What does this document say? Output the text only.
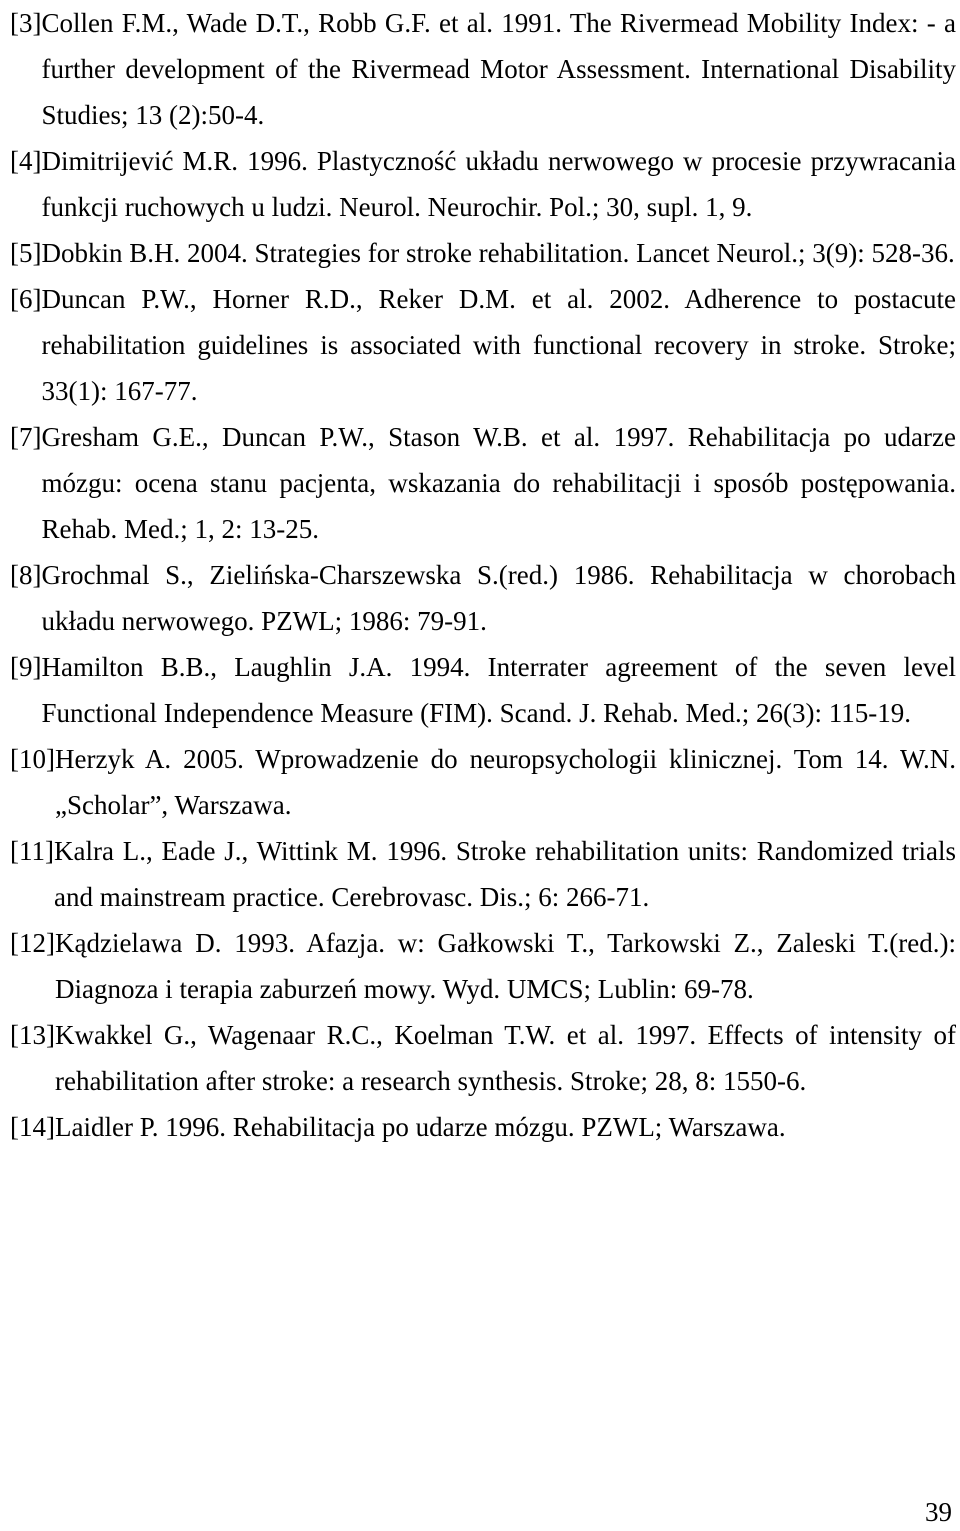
[3] Collen F.M., Wade D.T., Robb G.F. et al. 1991. The Rivermead Mobility Index: - a further development of the Rivermead Motor Assessment. International Disability Studies; 13 (2):50-4.
[4] Dimitrijević M.R. 1996. Plastyczność układu nerwowego w procesie przywracania funkcji ruchowych u ludzi. Neurol. Neurochir. Pol.; 30, supl. 1, 9.
[5] Dobkin B.H. 2004. Strategies for stroke rehabilitation. Lancet Neurol.; 3(9): 528-36.
[6] Duncan P.W., Horner R.D., Reker D.M. et al. 2002. Adherence to postacute rehabilitation guidelines is associated with functional recovery in stroke. Stroke; 33(1): 167-77.
[7] Gresham G.E., Duncan P.W., Stason W.B. et al. 1997. Rehabilitacja po udarze mózgu: ocena stanu pacjenta, wskazania do rehabilitacji i sposób postępowania. Rehab. Med.; 1, 2: 13-25.
[8] Grochmal S., Zielińska-Charszewska S.(red.) 1986. Rehabilitacja w chorobach układu nerwowego. PZWL; 1986: 79-91.
[9] Hamilton B.B., Laughlin J.A. 1994. Interrater agreement of the seven level Functional Independence Measure (FIM). Scand. J. Rehab. Med.; 26(3): 115-19.
[10] Herzyk A. 2005. Wprowadzenie do neuropsychologii klinicznej. Tom 14. W.N. „Scholar”, Warszawa.
[11] Kalra L., Eade J., Wittink M. 1996. Stroke rehabilitation units: Randomized trials and mainstream practice. Cerebrovasc. Dis.; 6: 266-71.
[12] Kądzielawa D. 1993. Afazja. w: Gałkowski T., Tarkowski Z., Zaleski T.(red.): Diagnoza i terapia zaburzeń mowy. Wyd. UMCS; Lublin: 69-78.
[13] Kwakkel G., Wagenaar R.C., Koelman T.W. et al. 1997. Effects of intensity of rehabilitation after stroke: a research synthesis. Stroke; 28, 8: 1550-6.
[14] Laidler P. 1996. Rehabilitacja po udarze mózgu. PZWL; Warszawa.
39
